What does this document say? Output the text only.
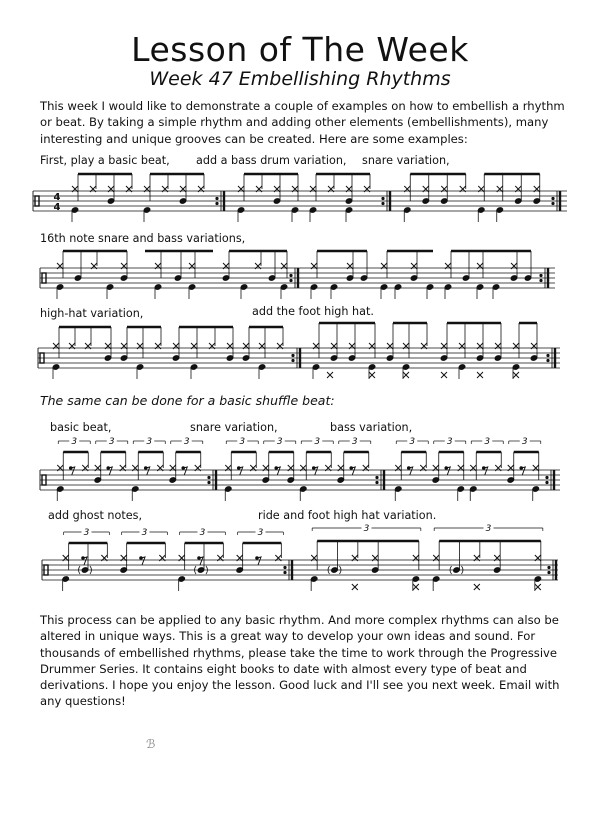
Lesson of The Week
Week 47 Embellishing Rhythms
This week I would like to demonstrate a couple of examples on how to embellish a rhythm or beat. By taking a simple rhythm and adding other elements (embellishments), many interesting and unique grooves can be created. Here are some examples:
First, play a basic beat, add a bass drum variation, snare variation,
16th note snare and bass variations,
high-hat variation,	add the foot high hat.
The same can be done for a basic shuffle beat:
basic beat,	snare variation,	bass variation,
add ghost notes,	ride and foot high hat variation.
This process can be applied to any basic rhythm. And more complex rhythms can also be altered in unique ways. This is a great way to develop your own ideas and sound. For thousands of embellished rhythms, please take the time to work through the Progressive Drummer Series. It contains eight books to date with almost every type of beat and derivations. I hope you enjoy the lesson. Good luck and I'll see you next week. Email with any questions!
ℬ
4
4
3	3	3	3	3	3	3	3	3	3	3	3
3	3	3	3	3	3
